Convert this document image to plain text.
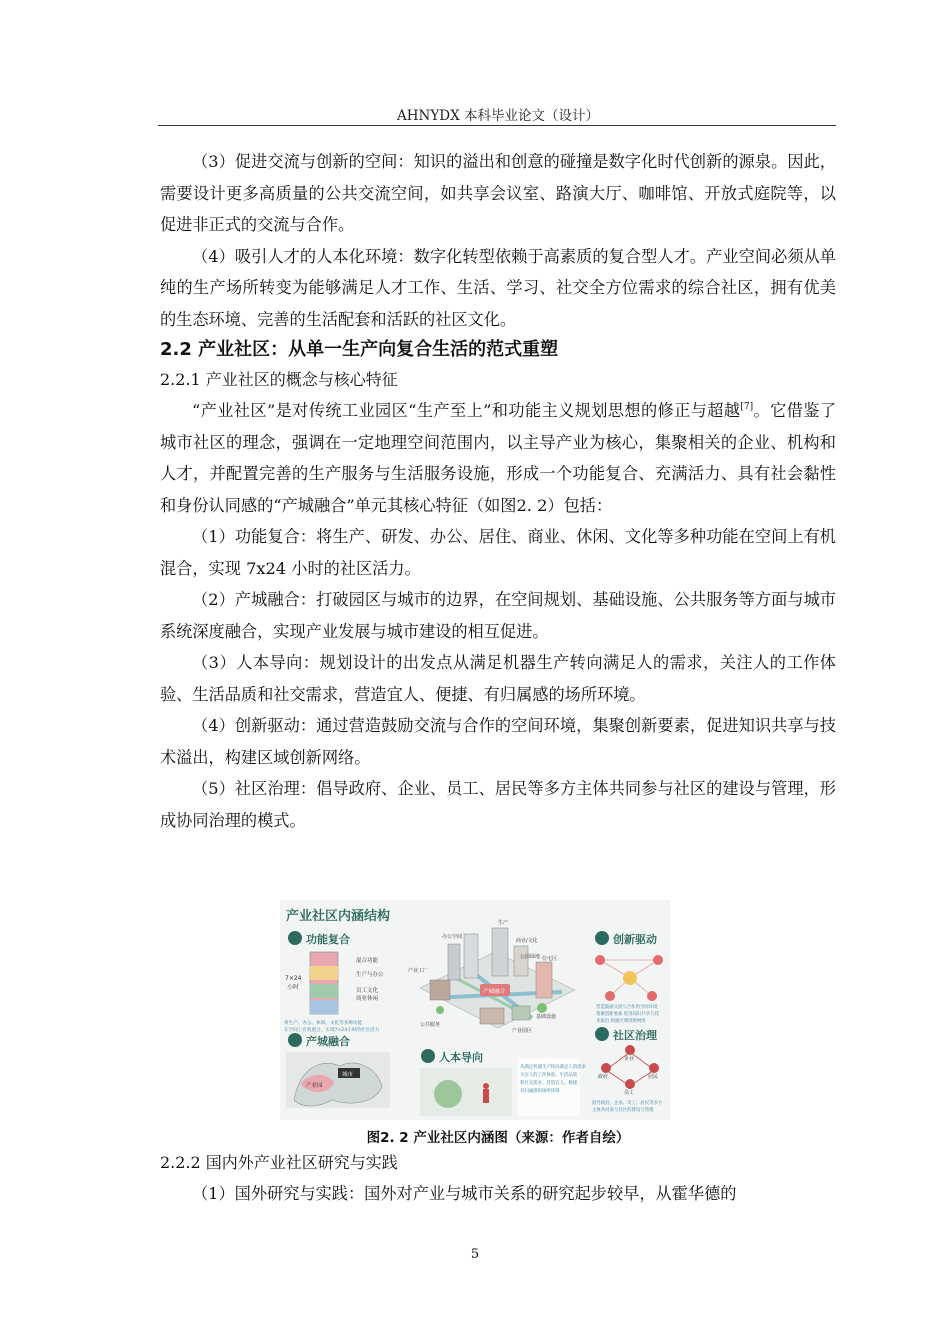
AHNYDX 本科毕业论文（设计）

（3）促进交流与创新的空间：知识的溢出和创意的碰撞是数字化时代创新的源泉。因此，需要设计更多高质量的公共交流空间，如共享会议室、路演大厅、咖啡馆、开放式庭院等，以促进非正式的交流与合作。

（4）吸引人才的人本化环境：数字化转型依赖于高素质的复合型人才。产业空间必须从单纯的生产场所转变为能够满足人才工作、生活、学习、社交全方位需求的综合社区，拥有优美的生态环境、完善的生活配套和活跃的社区文化。

2.2 产业社区：从单一生产向复合生活的范式重塑
2.2.1 产业社区的概念与核心特征

“产业社区”是对传统工业园区“生产至上”和功能主义规划思想的修正与超越[7]。它借鉴了城市社区的理念，强调在一定地理空间范围内，以主导产业为核心，集聚相关的企业、机构和人才，并配置完善的生产服务与生活服务设施，形成一个功能复合、充满活力、具有社会黏性和身份认同感的“产城融合”单元其核心特征（如图2. 2）包括：

（1）功能复合：将生产、研发、办公、居住、商业、休闲、文化等多种功能在空间上有机混合，实现 7x24 小时的社区活力。

（2）产城融合：打破园区与城市的边界，在空间规划、基础设施、公共服务等方面与城市系统深度融合，实现产业发展与城市建设的相互促进。

（3）人本导向：规划设计的出发点从满足机器生产转向满足人的需求，关注人的工作体验、生活品质和社交需求，营造宜人、便捷、有归属感的场所环境。

（4）创新驱动：通过营造鼓励交流与合作的空间环境，集聚创新要素，促进知识共享与技术溢出，构建区域创新网络。

（5）社区治理：倡导政府、企业、员工、居民等多方主体共同参与社区的建设与管理，形成协同治理的模式。

产业社区内涵结构
功能复合
7×24
小时
混合功能
生产与办公
员工文化
商业休闲
将生产、办公、休闲、文化等多种功能
在空间上有机混合，实现7×24小时的社区活力
产城融合
城市
产业园
产城融合
办公空间
生产
商业/文化
产业工厂
公园绿地 住宅区
基础设施
公共服务
产业园区
人本导向
从满足机器生产转向满足人的需求
关注人的工作体验、生活品质
和社交需求，营造宜人、便捷、
有归属感的场所环境
创新驱动
营造鼓励交流与合作的空间环境
集聚创新要素 促进知识共享与技
术溢出 构建区域创新网络
社区治理
企业
政府
员工
居民
倡导政府、企业、员工、居民等多方
主体共同参与社区的建设与管理
图2. 2 产业社区内涵图（来源：作者自绘）
2.2.2 国内外产业社区研究与实践

（1）国外研究与实践：国外对产业与城市关系的研究起步较早，从霍华德的

5
